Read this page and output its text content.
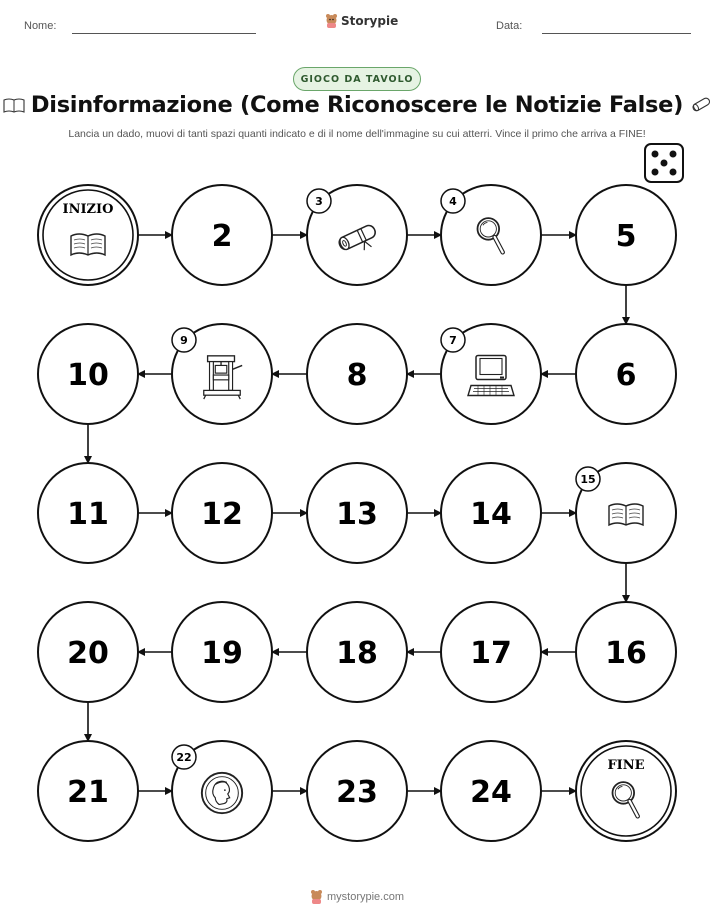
Nome:	Storypie	Data:
GIOCO DA TAVOLO
Disinformazione (Come Riconoscere le Notizie False)
Lancia un dado, muovi di tanti spazi quanti indicato e di il nome dell'immagine su cui atterri. Vince il primo che arriva a FINE!
INIZIO
2
3	4
5
6
7
8
9
10
11	12	13	14
15
16
17
18
19
20
21
22
23	24
FINE
mystorypie.com
